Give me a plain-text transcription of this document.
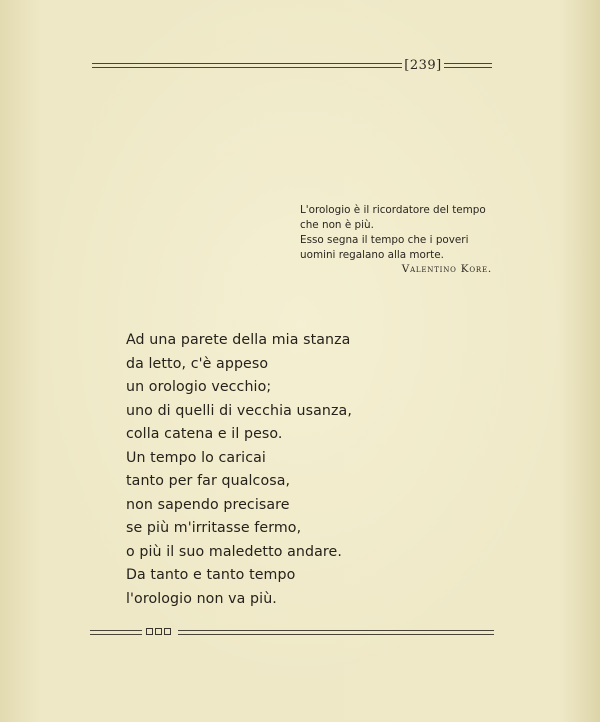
[239]
L'orologio è il ricordatore del tempo
che non è più.
Esso segna il tempo che i poveri
uomini regalano alla morte.
Valentino Kore.
Ad una parete della mia stanza
da letto, c'è appeso
un orologio vecchio;
uno di quelli di vecchia usanza,
colla catena e il peso.
Un tempo lo caricai
tanto per far qualcosa,
non sapendo precisare
se più m'irritasse fermo,
o più il suo maledetto andare.
Da tanto e tanto tempo
l'orologio non va più.
